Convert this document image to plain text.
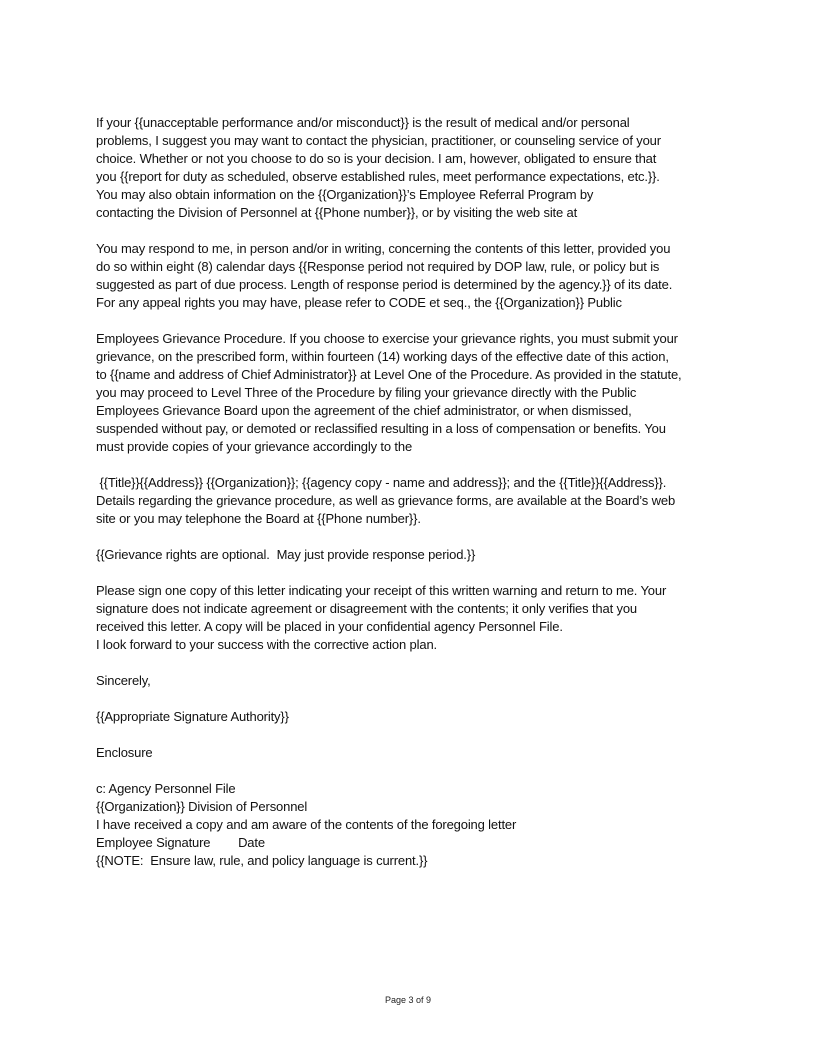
If your {{unacceptable performance and/or misconduct}} is the result of medical and/or personal
problems, I suggest you may want to contact the physician, practitioner, or counseling service of your
choice. Whether or not you choose to do so is your decision. I am, however, obligated to ensure that
you {{report for duty as scheduled, observe established rules, meet performance expectations, etc.}}.
You may also obtain information on the {{Organization}}’s Employee Referral Program by
contacting the Division of Personnel at {{Phone number}}, or by visiting the web site at

You may respond to me, in person and/or in writing, concerning the contents of this letter, provided you
do so within eight (8) calendar days {{Response period not required by DOP law, rule, or policy but is
suggested as part of due process. Length of response period is determined by the agency.}} of its date.
For any appeal rights you may have, please refer to CODE et seq., the {{Organization}} Public

Employees Grievance Procedure. If you choose to exercise your grievance rights, you must submit your
grievance, on the prescribed form, within fourteen (14) working days of the effective date of this action,
to {{name and address of Chief Administrator}} at Level One of the Procedure. As provided in the statute,
you may proceed to Level Three of the Procedure by filing your grievance directly with the Public
Employees Grievance Board upon the agreement of the chief administrator, or when dismissed,
suspended without pay, or demoted or reclassified resulting in a loss of compensation or benefits. You
must provide copies of your grievance accordingly to the

{{Title}}{{Address}} {{Organization}}; {{agency copy - name and address}}; and the {{Title}}{{Address}}.
Details regarding the grievance procedure, as well as grievance forms, are available at the Board’s web
site or you may telephone the Board at {{Phone number}}.

{{Grievance rights are optional.  May just provide response period.}}

Please sign one copy of this letter indicating your receipt of this written warning and return to me. Your
signature does not indicate agreement or disagreement with the contents; it only verifies that you
received this letter. A copy will be placed in your confidential agency Personnel File.
I look forward to your success with the corrective action plan.

Sincerely,

{{Appropriate Signature Authority}}

Enclosure

c: Agency Personnel File
{{Organization}} Division of Personnel
I have received a copy and am aware of the contents of the foregoing letter
Employee Signature        Date
{{NOTE:  Ensure law, rule, and policy language is current.}}

Page 3 of 9
